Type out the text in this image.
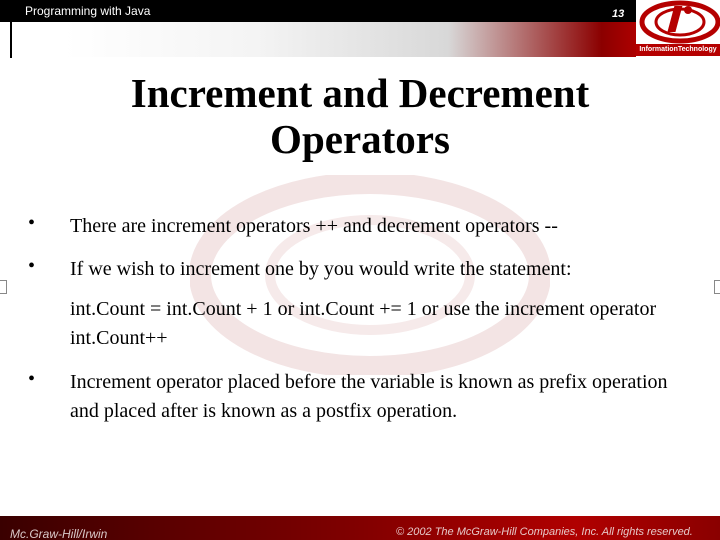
Programming with Java	13
InformationTechnology
Increment and Decrement
Operators
• There are increment operators ++ and decrement operators --
• If we wish to increment one by you would write the statement:
int.Count = int.Count + 1 or int.Count += 1 or use the increment operator int.Count++
• Increment operator placed before the variable is known as prefix operation and placed after is known as a postfix operation.
Mc.Graw-Hill/Irwin	© 2002 The McGraw-Hill Companies, Inc. All rights reserved.
